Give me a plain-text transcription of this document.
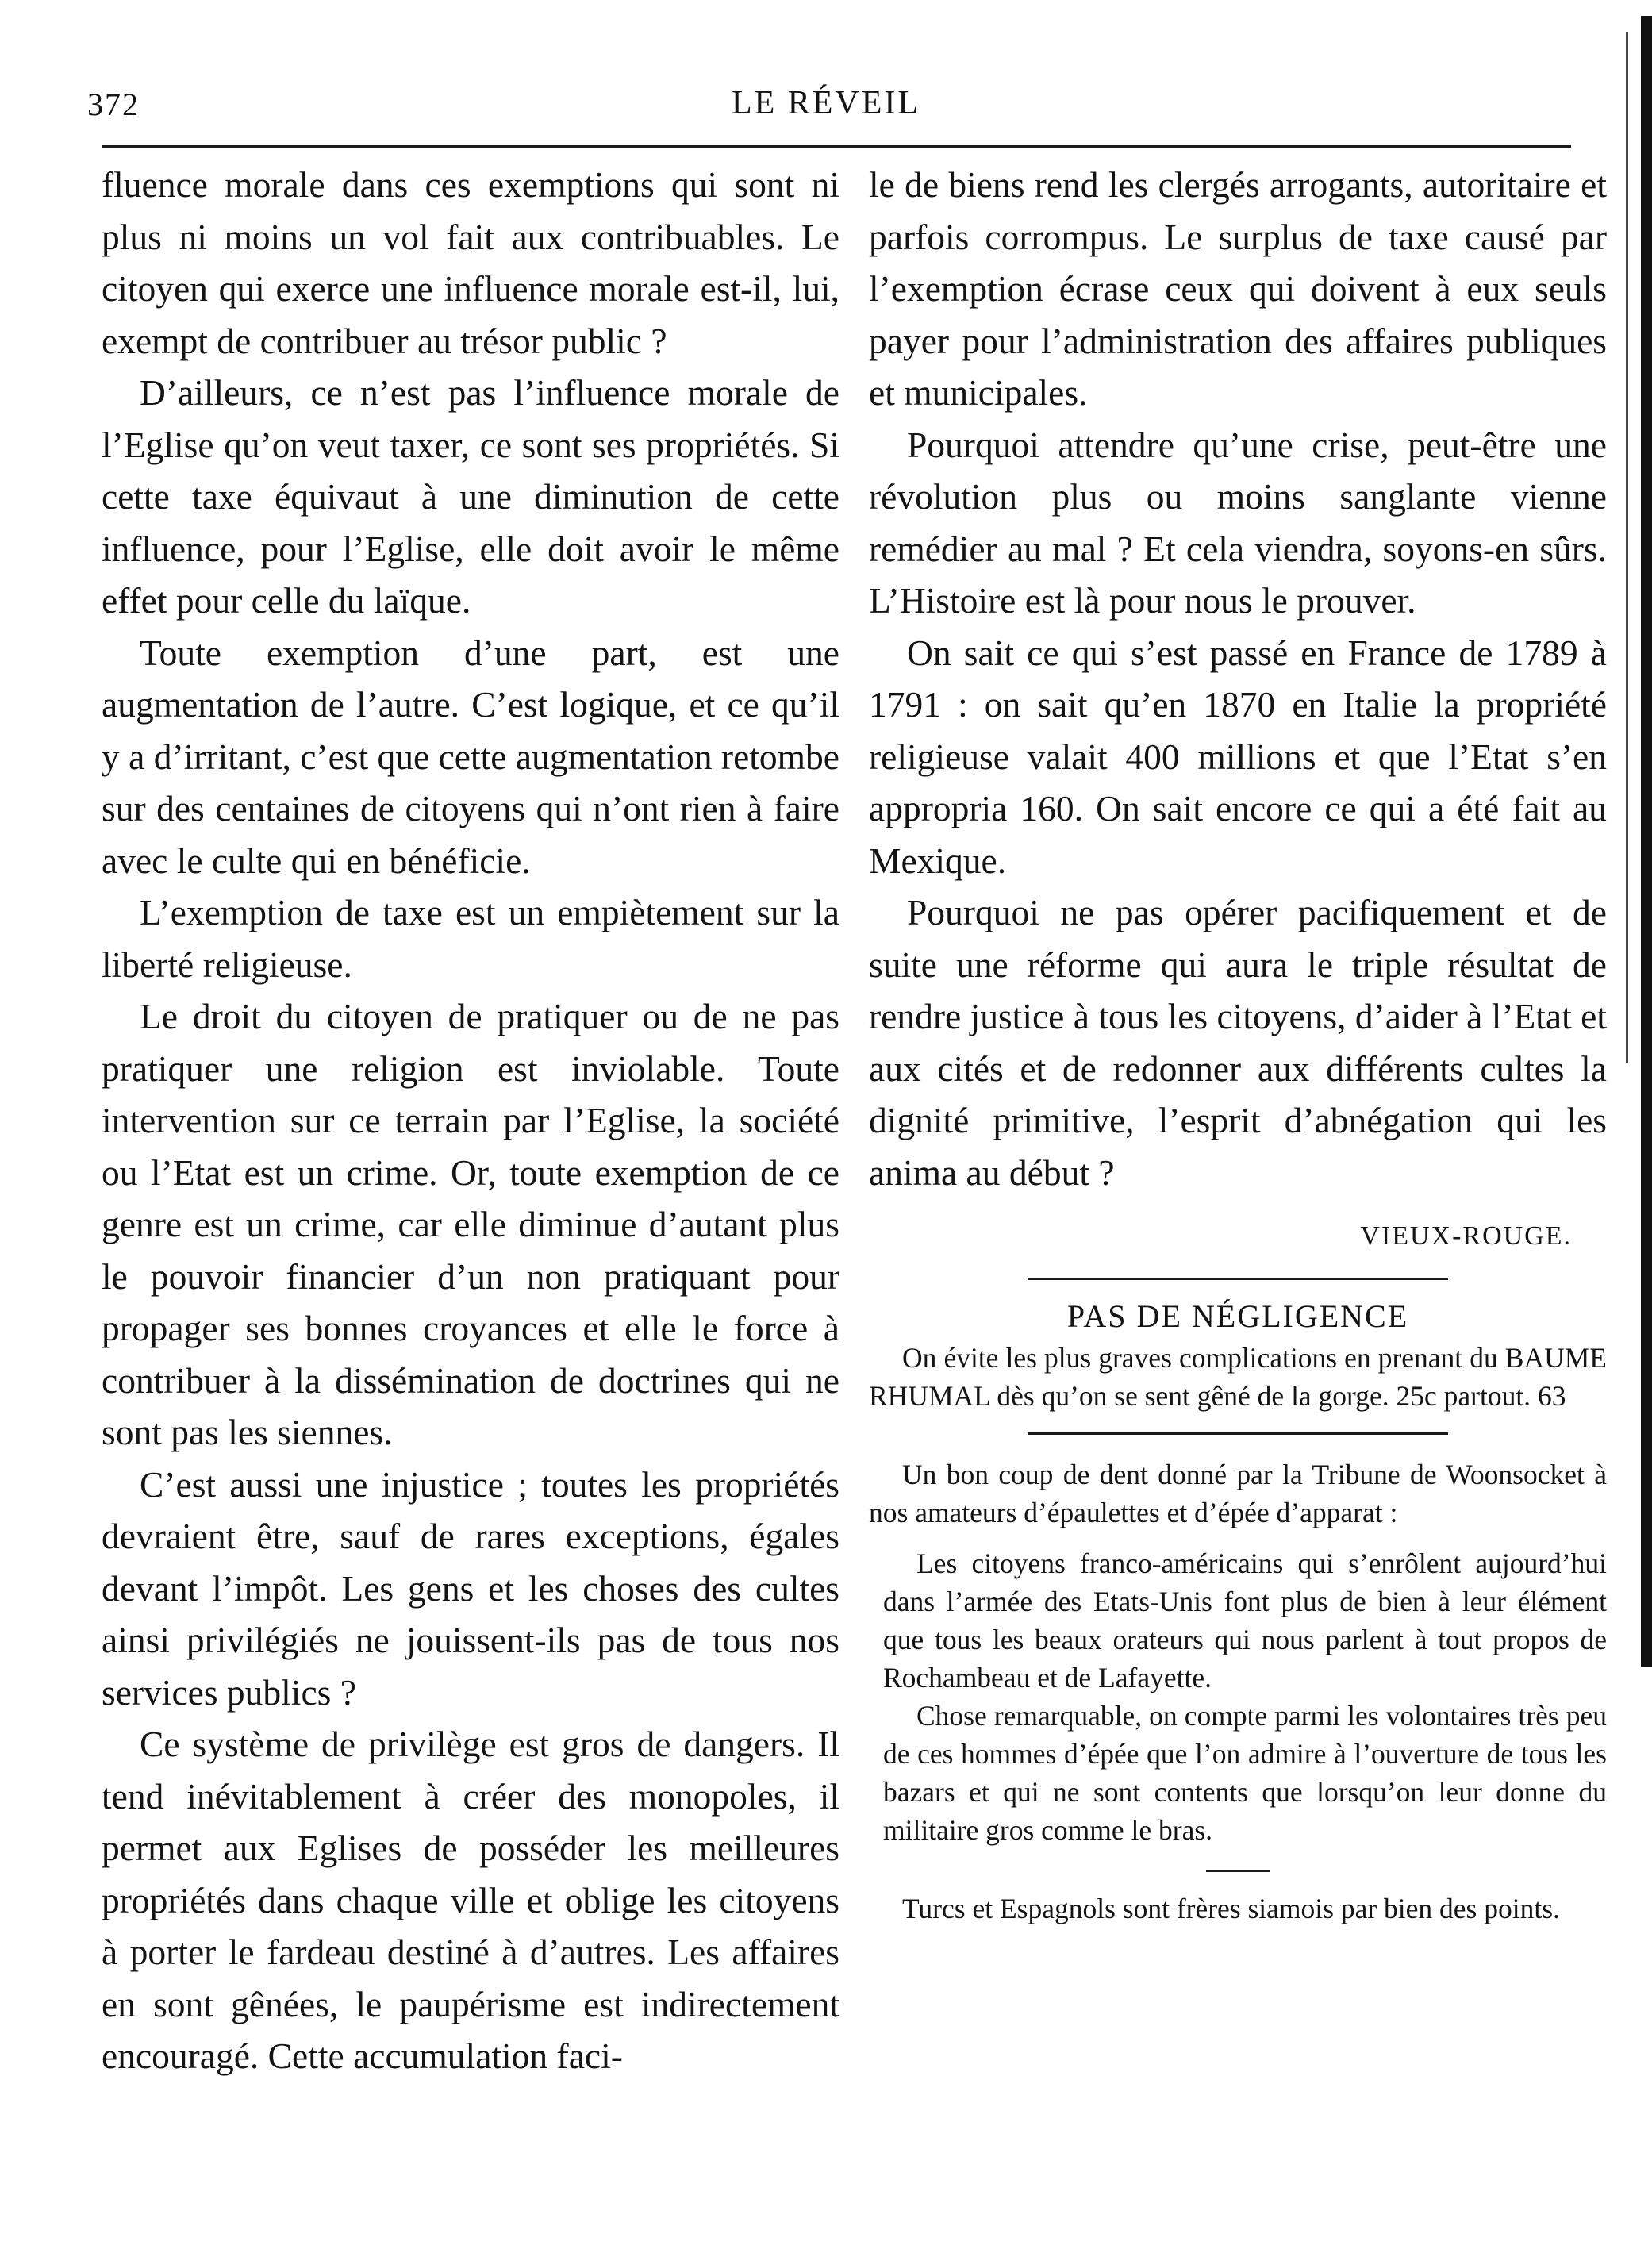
372	LE RÉVEIL

fluence morale dans ces exemptions qui sont ni plus ni moins un vol fait aux contribuables. Le citoyen qui exerce une influence morale est-il, lui, exempt de contribuer au trésor public ?

D’ailleurs, ce n’est pas l’influence morale de l’Eglise qu’on veut taxer, ce sont ses propriétés. Si cette taxe équivaut à une diminution de cette influence, pour l’Eglise, elle doit avoir le même effet pour celle du laïque.

Toute exemption d’une part, est une augmentation de l’autre. C’est logique, et ce qu’il y a d’irritant, c’est que cette augmentation retombe sur des centaines de citoyens qui n’ont rien à faire avec le culte qui en bénéficie.

L’exemption de taxe est un empiètement sur la liberté religieuse.

Le droit du citoyen de pratiquer ou de ne pas pratiquer une religion est inviolable. Toute intervention sur ce terrain par l’Eglise, la société ou l’Etat est un crime. Or, toute exemption de ce genre est un crime, car elle diminue d’autant plus le pouvoir financier d’un non pratiquant pour propager ses bonnes croyances et elle le force à contribuer à la dissémination de doctrines qui ne sont pas les siennes.

C’est aussi une injustice ; toutes les propriétés devraient être, sauf de rares exceptions, égales devant l’impôt. Les gens et les choses des cultes ainsi privilégiés ne jouissent-ils pas de tous nos services publics ?

Ce système de privilège est gros de dangers. Il tend inévitablement à créer des monopoles, il permet aux Eglises de posséder les meilleures propriétés dans chaque ville et oblige les citoyens à porter le fardeau destiné à d’autres. Les affaires en sont gênées, le paupérisme est indirectement encouragé. Cette accumulation faci-

le de biens rend les clergés arrogants, autoritaire et parfois corrompus. Le surplus de taxe causé par l’exemption écrase ceux qui doivent à eux seuls payer pour l’administration des affaires publiques et municipales.

Pourquoi attendre qu’une crise, peut-être une révolution plus ou moins sanglante vienne remédier au mal ? Et cela viendra, soyons-en sûrs. L’Histoire est là pour nous le prouver.

On sait ce qui s’est passé en France de 1789 à 1791 : on sait qu’en 1870 en Italie la propriété religieuse valait 400 millions et que l’Etat s’en appropria 160. On sait encore ce qui a été fait au Mexique.

Pourquoi ne pas opérer pacifiquement et de suite une réforme qui aura le triple résultat de rendre justice à tous les citoyens, d’aider à l’Etat et aux cités et de redonner aux différents cultes la dignité primitive, l’esprit d’abnégation qui les anima au début ?

VIEUX-ROUGE.
PAS DE NÉGLIGENCE

On évite les plus graves complications en prenant du BAUME RHUMAL dès qu’on se sent gêné de la gorge. 25c partout. 63

Un bon coup de dent donné par la Tribune de Woonsocket à nos amateurs d’épaulettes et d’épée d’apparat :

Les citoyens franco-américains qui s’enrôlent aujourd’hui dans l’armée des Etats-Unis font plus de bien à leur élément que tous les beaux orateurs qui nous parlent à tout propos de Rochambeau et de Lafayette.

Chose remarquable, on compte parmi les volontaires très peu de ces hommes d’épée que l’on admire à l’ouverture de tous les bazars et qui ne sont contents que lorsqu’on leur donne du militaire gros comme le bras.

Turcs et Espagnols sont frères siamois par bien des points.
